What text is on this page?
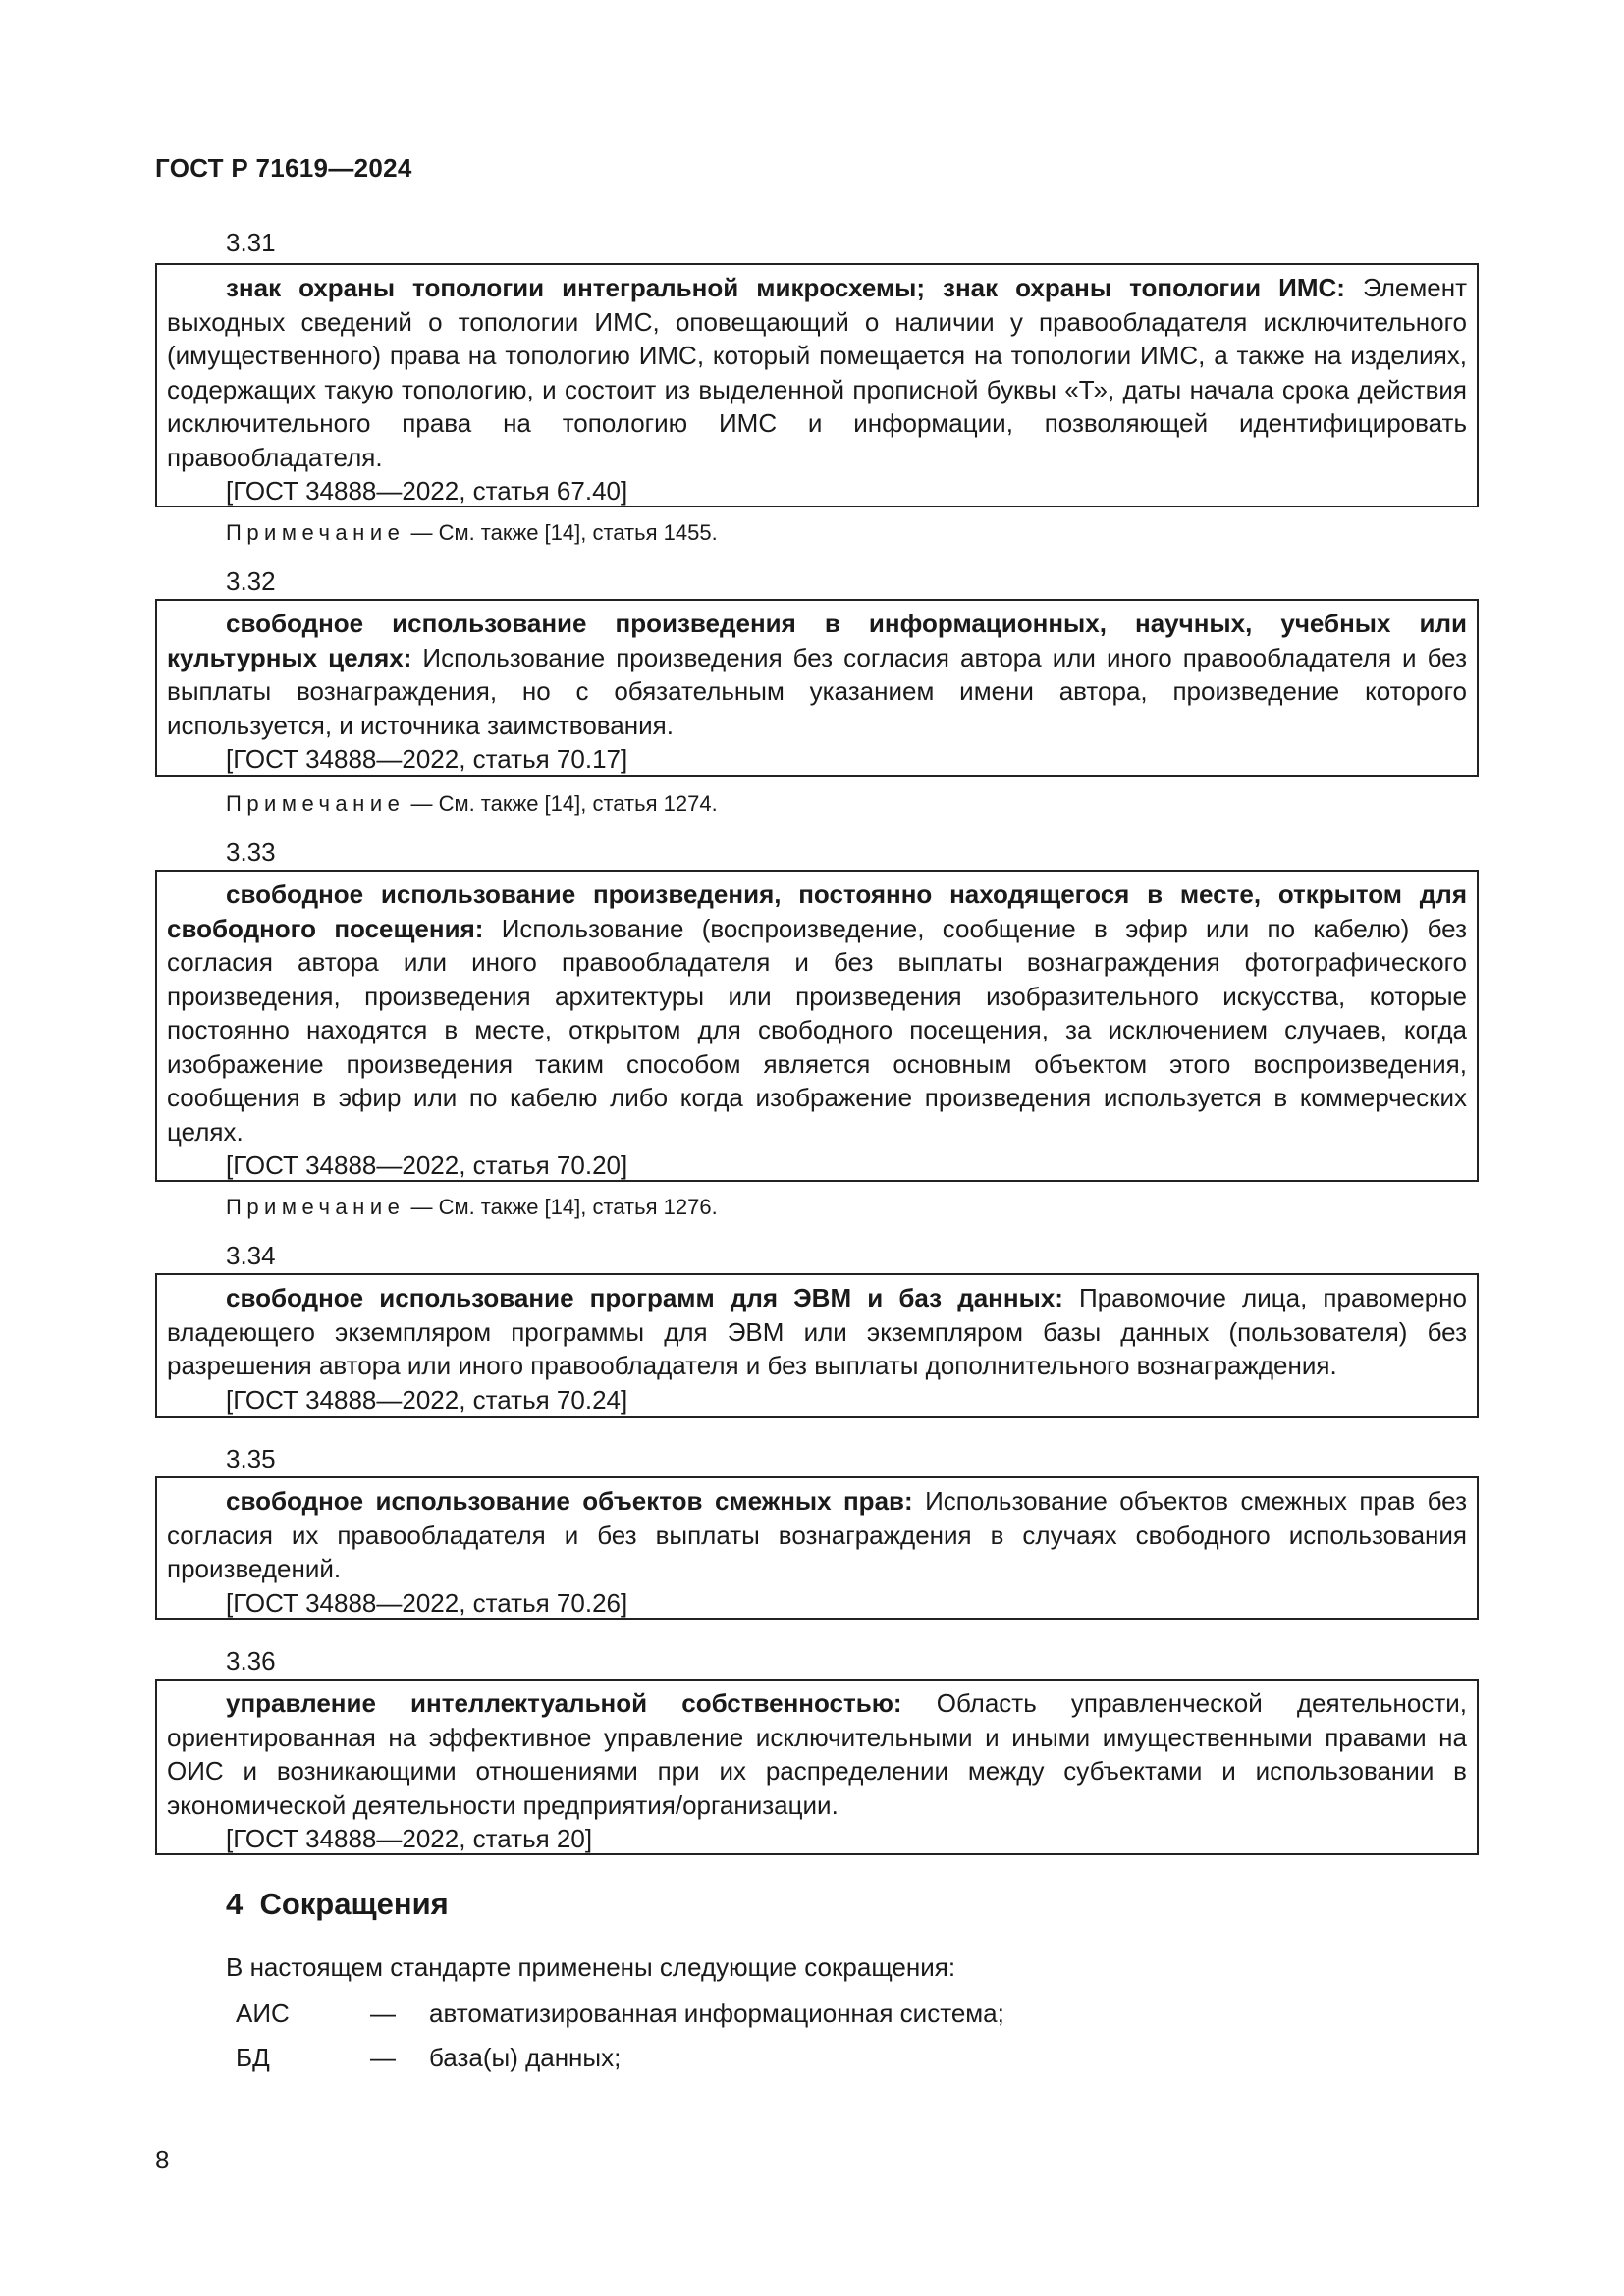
ГОСТ Р 71619—2024
3.31

знак охраны топологии интегральной микросхемы; знак охраны топологии ИМС: Элемент выходных сведений о топологии ИМС, оповещающий о наличии у правообладателя исключительного (имущественного) права на топологию ИМС, который помещается на топологии ИМС, а также на изделиях, содержащих такую топологию, и состоит из выделенной прописной буквы «Т», даты начала срока действия исключительного права на топологию ИМС и информации, позволяющей идентифицировать правообладателя.

[ГОСТ 34888—2022, статья 67.40]

Примечание — См. также [14], статья 1455.
3.32

свободное использование произведения в информационных, научных, учебных или культурных целях: Использование произведения без согласия автора или иного правообладателя и без выплаты вознаграждения, но с обязательным указанием имени автора, произведение которого используется, и источника заимствования.

[ГОСТ 34888—2022, статья 70.17]

Примечание — См. также [14], статья 1274.
3.33

свободное использование произведения, постоянно находящегося в месте, открытом для свободного посещения: Использование (воспроизведение, сообщение в эфир или по кабелю) без согласия автора или иного правообладателя и без выплаты вознаграждения фотографического произведения, произведения архитектуры или произведения изобразительного искусства, которые постоянно находятся в месте, открытом для свободного посещения, за исключением случаев, когда изображение произведения таким способом является основным объектом этого воспроизведения, сообщения в эфир или по кабелю либо когда изображение произведения используется в коммерческих целях.

[ГОСТ 34888—2022, статья 70.20]

Примечание — См. также [14], статья 1276.
3.34

свободное использование программ для ЭВМ и баз данных: Правомочие лица, правомерно владеющего экземпляром программы для ЭВМ или экземпляром базы данных (пользователя) без разрешения автора или иного правообладателя и без выплаты дополнительного вознаграждения.

[ГОСТ 34888—2022, статья 70.24]

3.35

свободное использование объектов смежных прав: Использование объектов смежных прав без согласия их правообладателя и без выплаты вознаграждения в случаях свободного использования произведений.

[ГОСТ 34888—2022, статья 70.26]

3.36

управление интеллектуальной собственностью: Область управленческой деятельности, ориентированная на эффективное управление исключительными и иными имущественными правами на ОИС и возникающими отношениями при их распределении между субъектами и использовании в экономической деятельности предприятия/организации.

[ГОСТ 34888—2022, статья 20]

4  Сокращения
В настоящем стандарте применены следующие сокращения:
АИС	— автоматизированная информационная система;
БД	— база(ы) данных;
8
